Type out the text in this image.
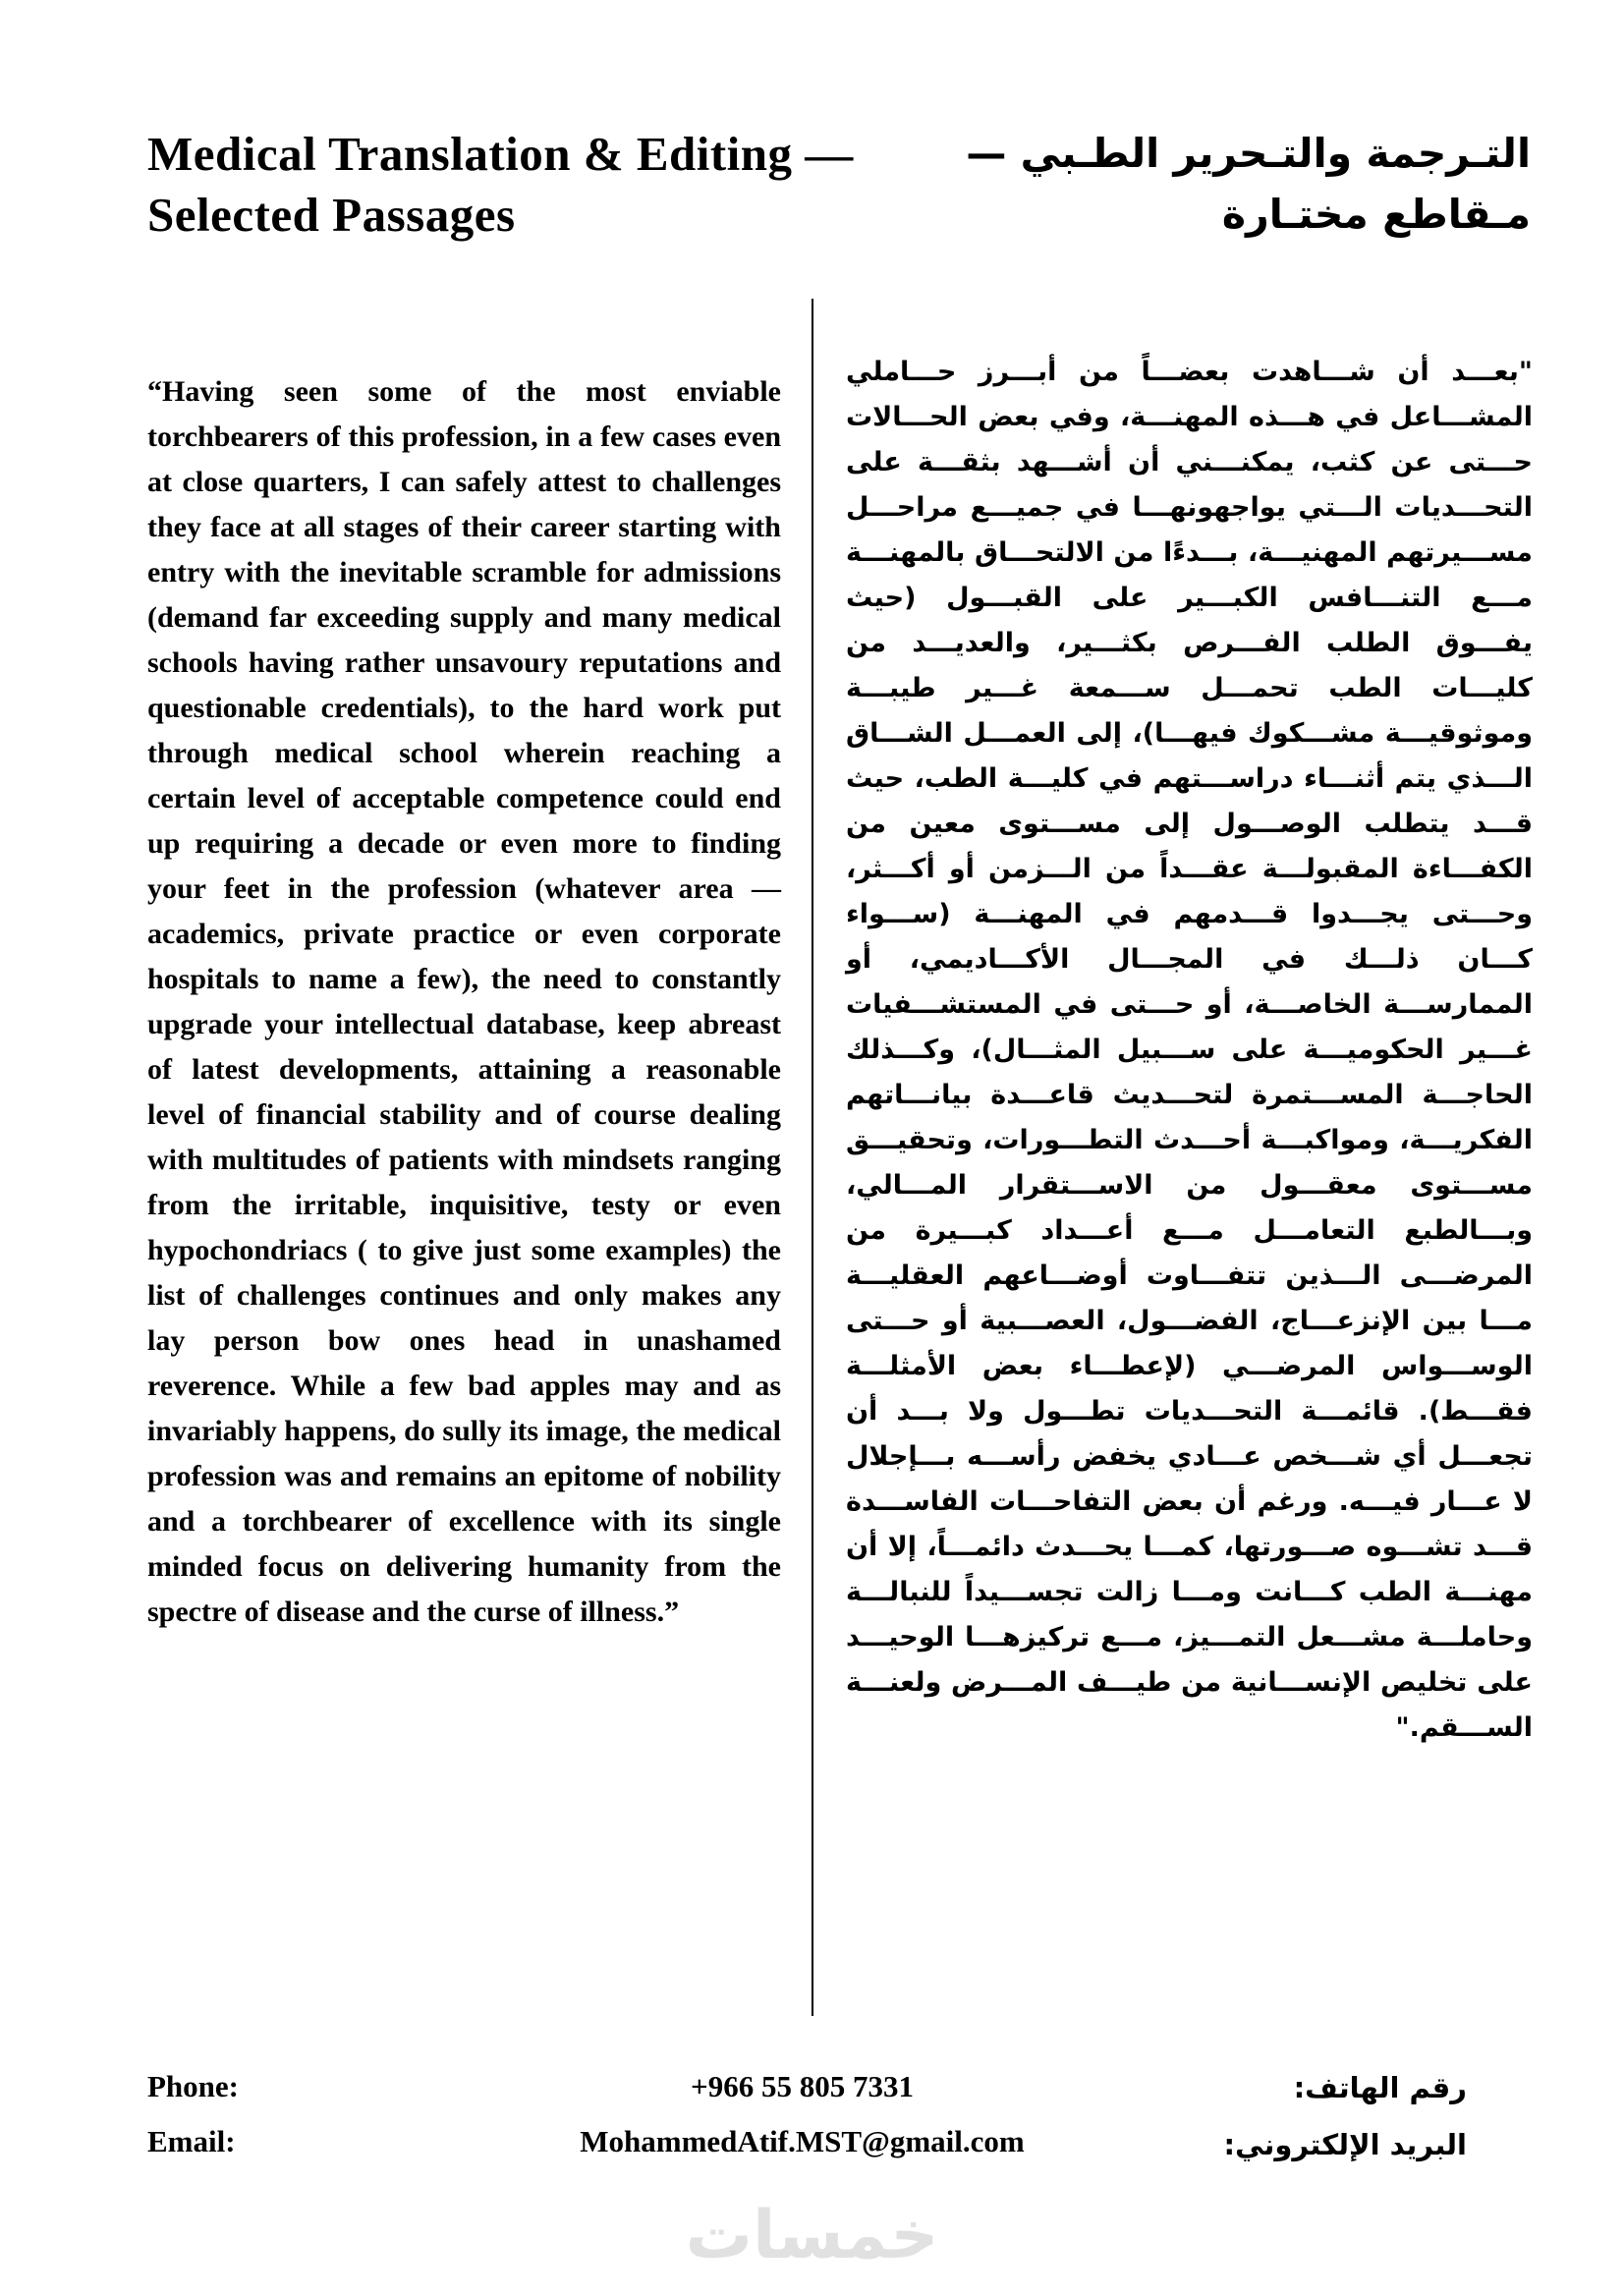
Medical Translation & Editing —
Selected Passages
التـرجمة والتـحرير الطـبي —
مـقاطع مختـارة

“Having seen some of the most enviable torchbearers of this profession, in a few cases even at close quarters, I can safely attest to challenges they face at all stages of their career starting with entry with the inevitable scramble for admissions (demand far exceeding supply and many medical schools having rather unsavoury reputations and questionable credentials), to the hard work put through medical school wherein reaching a certain level of acceptable competence could end up requiring a decade or even more to finding your feet in the profession (whatever area — academics, private practice or even corporate hospitals to name a few), the need to constantly upgrade your intellectual database, keep abreast of latest developments, attaining a reasonable level of financial stability and of course dealing with multitudes of patients with mindsets ranging from the irritable, inquisitive, testy or even hypochondriacs ( to give just some examples) the list of challenges continues and only makes any lay person bow ones head in unashamed reverence. While a few bad apples may and as invariably happens, do sully its image, the medical profession was and remains an epitome of nobility and a torchbearer of excellence with its single minded focus on delivering humanity from the spectre of disease and the curse of illness.”

"بعـــد أن شـــاهدت بعضـــاً من أبـــرز حـــاملي المشـــاعل في هـــذه المهنـــة، وفي بعض الحـــالات حـــتى عن كثب، يمكنـــني أن أشـــهد بثقـــة على التحـــديات الـــتي يواجهونهـــا في جميـــع مراحـــل مســـيرتهم المهنيـــة، بـــدءًا من الالتحـــاق بالمهنـــة مـــع التنـــافس الكبـــير على القبـــول (حيث يفـــوق الطلب الفـــرص بكثـــير، والعديـــد من كليـــات الطب تحمـــل ســـمعة غـــير طيبـــة وموثوقيـــة مشـــكوك فيهـــا)، إلى العمـــل الشـــاق الـــذي يتم أثنـــاء دراســـتهم في كليـــة الطب، حيث قـــد يتطلب الوصـــول إلى مســـتوى معين من الكفـــاءة المقبولـــة عقـــداً من الـــزمن أو أكـــثر، وحـــتى يجـــدوا قـــدمهم في المهنـــة (ســـواء كـــان ذلـــك في المجـــال الأكـــاديمي، أو الممارســـة الخاصـــة، أو حـــتى في المستشـــفيات غـــير الحكوميـــة على ســـبيل المثـــال)، وكـــذلك الحاجـــة المســـتمرة لتحـــديث قاعـــدة بيانـــاتهم الفكريـــة، ومواكبـــة أحـــدث التطـــورات، وتحقيـــق مســـتوى معقـــول من الاســـتقرار المـــالي، وبـــالطبع التعامـــل مـــع أعـــداد كبـــيرة من المرضـــى الـــذين تتفـــاوت أوضـــاعهم العقليـــة مـــا بين الإنزعـــاج، الفضـــول، العصـــبية أو حـــتى الوســـواس المرضـــي (لإعطـــاء بعض الأمثلـــة فقـــط). قائمـــة التحـــديات تطـــول ولا بـــد أن تجعـــل أي شـــخص عـــادي يخفض رأســـه بـــإجلال لا عـــار فيـــه. ورغم أن بعض التفاحـــات الفاســـدة قـــد تشـــوه صـــورتها، كمـــا يحـــدث دائمـــاً، إلا أن مهنـــة الطب كـــانت ومـــا زالت تجســـيداً للنبالـــة وحاملـــة مشـــعل التمـــيز، مـــع تركيزهـــا الوحيـــد على تخليص الإنســـانية من طيـــف المـــرض ولعنـــة الســـقم."

Phone:
Email:
+966 55 805 7331
MohammedAtif.MST@gmail.com
رقم الهاتف:
البريد الإلكتروني:
خمسات
